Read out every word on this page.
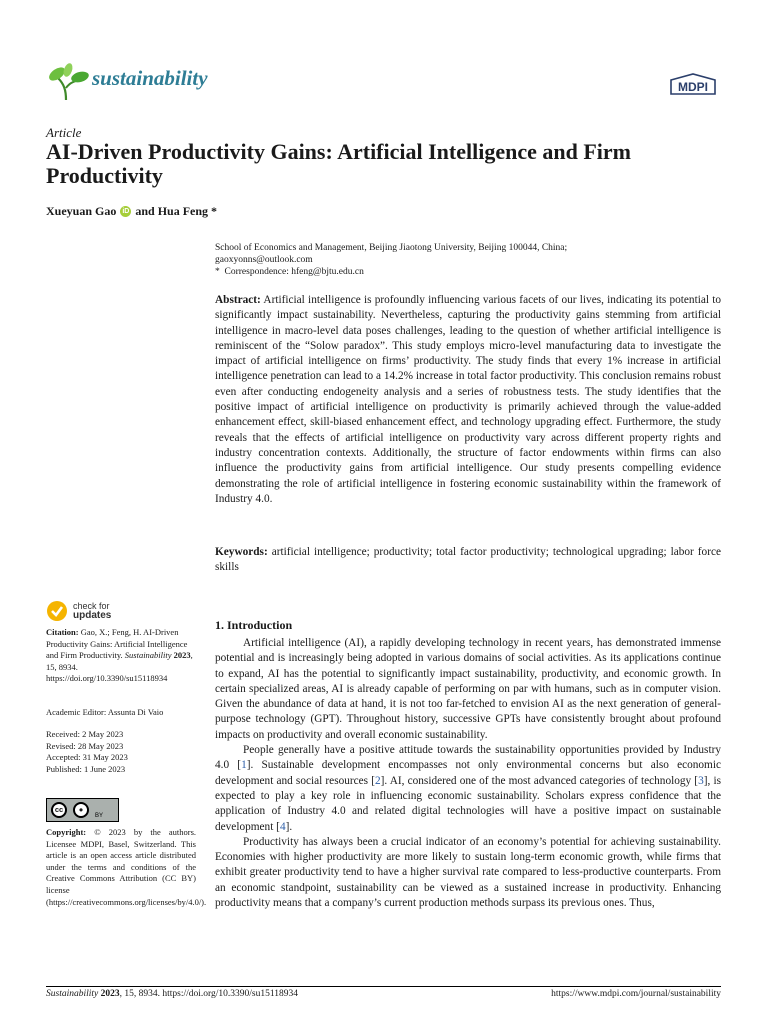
sustainability	MDPI
Article
AI-Driven Productivity Gains: Artificial Intelligence and Firm Productivity
Xueyuan Gao iD and Hua Feng *
School of Economics and Management, Beijing Jiaotong University, Beijing 100044, China;
gaoxyonns@outlook.com
* Correspondence: hfeng@bjtu.edu.cn
Abstract: Artificial intelligence is profoundly influencing various facets of our lives, indicating its potential to significantly impact sustainability. Nevertheless, capturing the productivity gains stemming from artificial intelligence in macro-level data poses challenges, leading to the question of whether artificial intelligence is reminiscent of the “Solow paradox”. This study employs micro-level manufacturing data to investigate the impact of artificial intelligence on firms’ productivity. The study finds that every 1% increase in artificial intelligence penetration can lead to a 14.2% increase in total factor productivity. This conclusion remains robust even after conducting endogeneity analysis and a series of robustness tests. The study identifies that the positive impact of artificial intelligence on productivity is primarily achieved through the value-added enhancement effect, skill-biased enhancement effect, and technology upgrading effect. Furthermore, the study reveals that the effects of artificial intelligence on productivity vary across different property rights and industry concentration contexts. Additionally, the structure of factor endowments within firms can also influence the productivity gains from artificial intelligence. Our study presents compelling evidence demonstrating the role of artificial intelligence in fostering economic sustainability within the framework of Industry 4.0.
Keywords: artificial intelligence; productivity; total factor productivity; technological upgrading; labor force skills
check for
updates
Citation: Gao, X.; Feng, H. AI-Driven Productivity Gains: Artificial Intelligence and Firm Productivity. Sustainability 2023, 15, 8934. https://doi.org/10.3390/su15118934
Academic Editor: Assunta Di Vaio
Received: 2 May 2023
Revised: 28 May 2023
Accepted: 31 May 2023
Published: 1 June 2023
cc	●
BY
Copyright: © 2023 by the authors. Licensee MDPI, Basel, Switzerland. This article is an open access article distributed under the terms and conditions of the Creative Commons Attribution (CC BY) license (https://creativecommons.org/licenses/by/4.0/).
1. Introduction

Artificial intelligence (AI), a rapidly developing technology in recent years, has demonstrated immense potential and is increasingly being adopted in various domains of social activities. As its applications continue to expand, AI has the potential to significantly impact sustainability, productivity, and economic growth. In certain specialized areas, AI is already capable of performing on par with humans, such as in computer vision. Given the abundance of data at hand, it is not too far-fetched to envision AI as the next generation of general-purpose technology (GPT). Throughout history, successive GPTs have consistently brought about profound impacts on productivity and overall economic sustainability.

People generally have a positive attitude towards the sustainability opportunities provided by Industry 4.0 [1]. Sustainable development encompasses not only environmental concerns but also economic development and social resources [2]. AI, considered one of the most advanced categories of technology [3], is expected to play a key role in influencing economic sustainability. Scholars express confidence that the application of Industry 4.0 and related digital technologies will have a positive impact on sustainable development [4].

Productivity has always been a crucial indicator of an economy’s potential for achieving sustainability. Economies with higher productivity are more likely to sustain long-term economic growth, while firms that exhibit greater productivity tend to have a higher survival rate compared to less-productive counterparts. From an economic standpoint, sustainability can be viewed as a sustained increase in productivity. Enhancing productivity means that a company’s current production methods surpass its previous ones. Thus,

Sustainability 2023, 15, 8934. https://doi.org/10.3390/su15118934	https://www.mdpi.com/journal/sustainability
